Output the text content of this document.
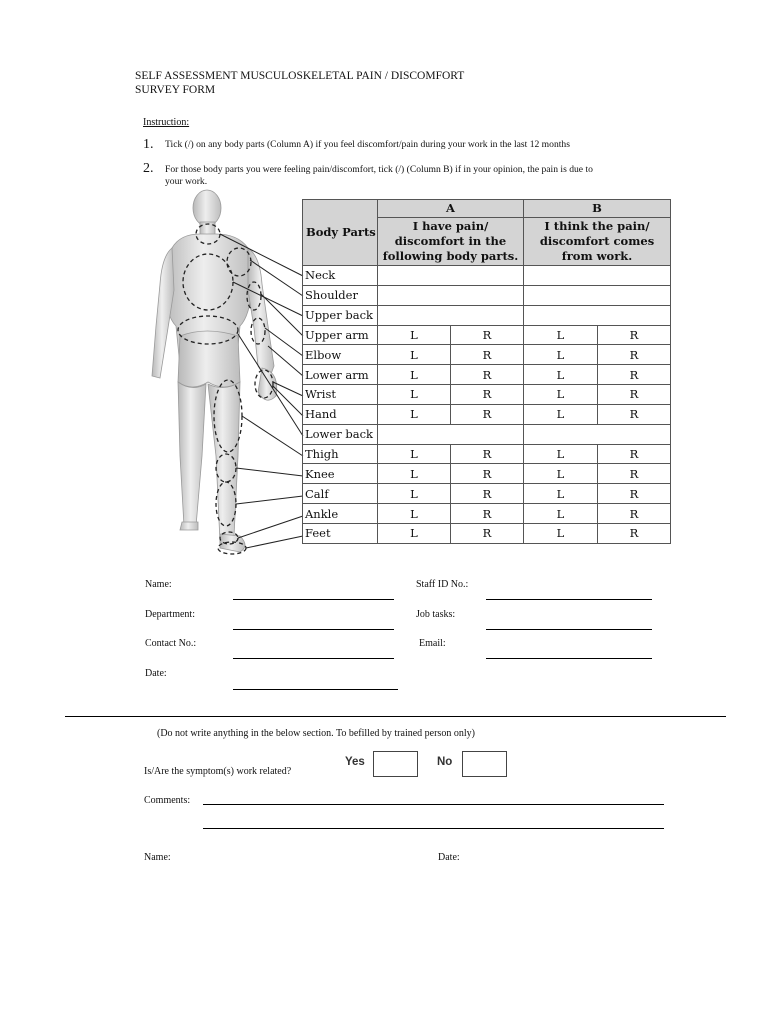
SELF ASSESSMENT MUSCULOSKELETAL PAIN / DISCOMFORT
SURVEY FORM
Instruction:
1. Tick (/) on any body parts (Column A) if you feel discomfort/pain during your work in the last 12 months
2. For those body parts you were feeling pain/discomfort, tick (/) (Column B) if in your opinion, the pain is due to
your work.
Body Parts	A		B	
	I have pain/ discomfort in the following body parts.		I think the pain/ discomfort comes from work.	
Neck				
Shoulder				
Upper back				
Upper arm	L	R	L	R
Elbow	L	R	L	R
Lower arm	L	R	L	R
Wrist	L	R	L	R
Hand	L	R	L	R
Lower back				
Thigh	L	R	L	R
Knee	L	R	L	R
Calf	L	R	L	R
Ankle	L	R	L	R
Feet	L	R	L	R
Name:	Staff ID No.:
Department:	Job tasks:
Contact No.:	Email:
Date:
(Do not write anything in the below section. To befilled by trained person only)
Yes	No
Is/Are the symptom(s) work related?
Comments:
Name:	Date:
